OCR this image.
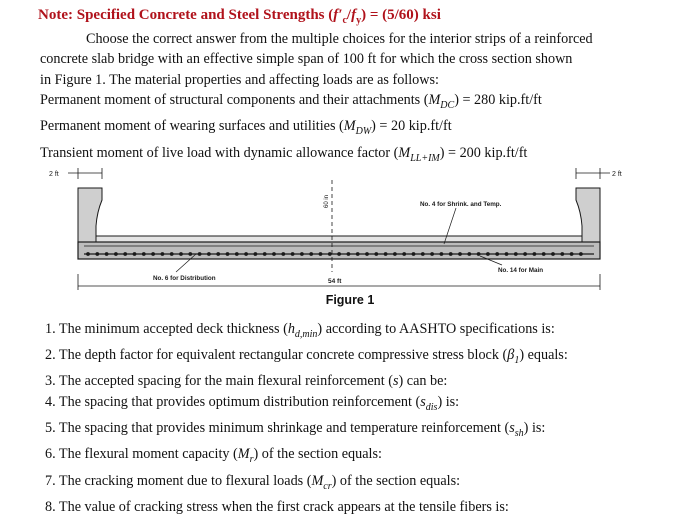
Note: Specified Concrete and Steel Strengths $(f'_c/f_y) = (5/60)$ ksi

Choose the correct answer from the multiple choices for the interior strips of a reinforced

concrete slab bridge with an effective simple span of 100 ft for which the cross section shown

in Figure 1. The material properties and affecting loads are as follows:

Permanent moment of structural components and their attachments $(M_{DC}) = 280$ kip.ft/ft

Permanent moment of wearing surfaces and utilities $(M_{DW}) = 20$ kip.ft/ft

Transient moment of live load with dynamic allowance factor $(M_{LL+IM}) = 200$ kip.ft/ft

60 in
2 ft	2 ft
No. 4 for Shrink. and Temp.
No. 14 for Main
No. 6 for Distribution	54 ft
Figure 1

1. The minimum accepted deck thickness $(h_{d,min})$ according to AASHTO specifications is:

2. The depth factor for equivalent rectangular concrete compressive stress block $(\beta_1)$ equals:

3. The accepted spacing for the main flexural reinforcement (s) can be:

4. The spacing that provides optimum distribution reinforcement $(s_{dis})$ is:

5. The spacing that provides minimum shrinkage and temperature reinforcement $(s_{sh})$ is:

6. The flexural moment capacity $(M_r)$ of the section equals:

7. The cracking moment due to flexural loads $(M_{cr})$ of the section equals:

8. The value of cracking stress when the first crack appears at the tensile fibers is:
